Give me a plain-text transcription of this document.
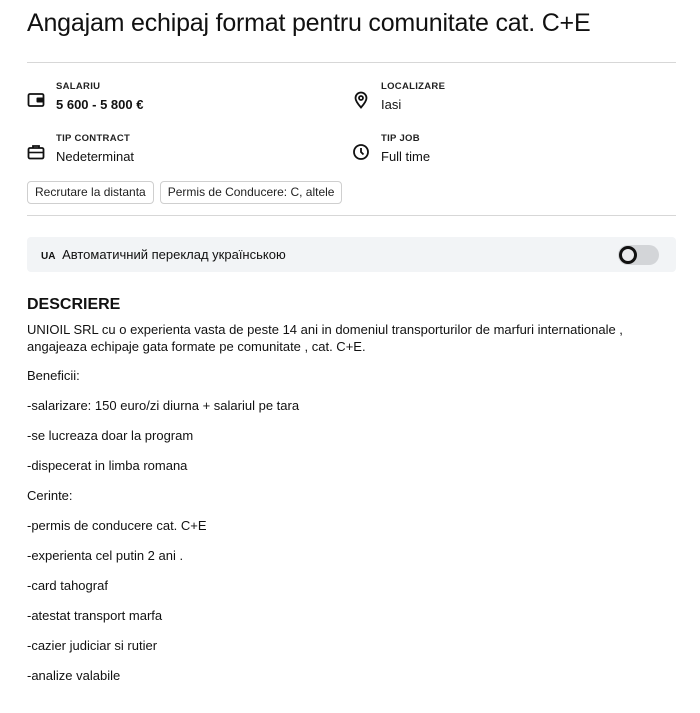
Angajam echipaj format pentru comunitate cat. C+E
SALARIU
5 600 - 5 800 €
LOCALIZARE
Iasi
TIP CONTRACT
Nedeterminat
TIP JOB
Full time
Recrutare la distanta	Permis de Conducere: C, altele
UA Автоматичний переклад українською
DESCRIERE

UNIOIL SRL cu o experienta vasta de peste 14 ani in domeniul transporturilor de marfuri internationale , angajeaza echipaje gata formate pe comunitate , cat. C+E.

Beneficii:

-salarizare: 150 euro/zi diurna + salariul pe tara

-se lucreaza doar la program

-dispecerat in limba romana

Cerinte:

-permis de conducere cat. C+E

-experienta cel putin 2 ani .

-card tahograf

-atestat transport marfa

-cazier judiciar si rutier

-analize valabile
